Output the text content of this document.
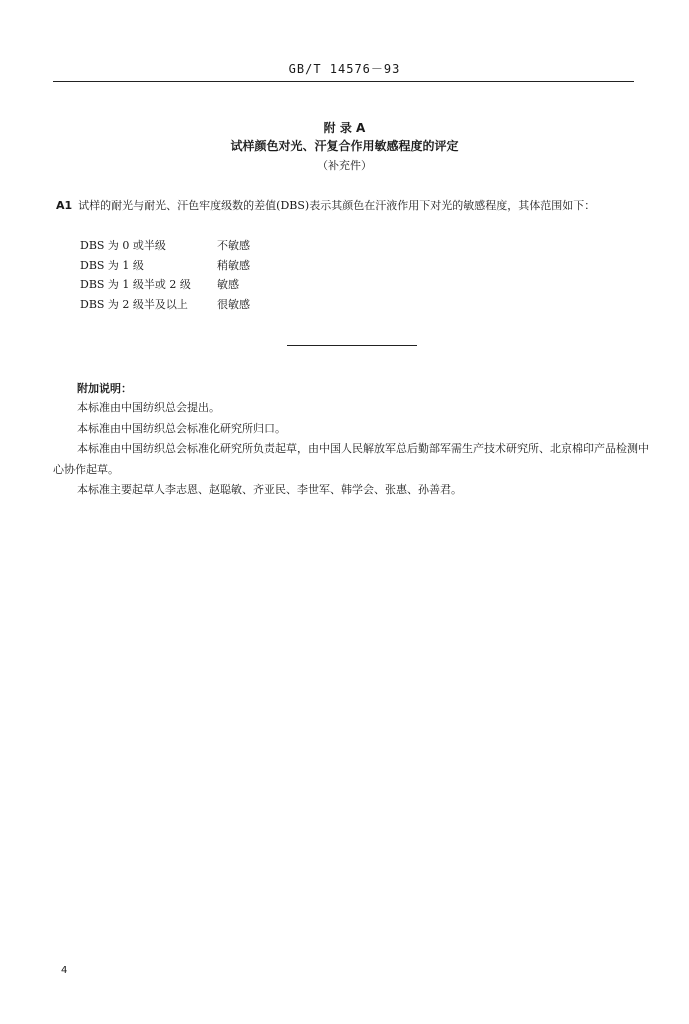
GB/T 14576－93
附 录 A
试样颜色对光、汗复合作用敏感程度的评定
（补充件）
A1 试样的耐光与耐光、汗色牢度级数的差值(DBS)表示其颜色在汗液作用下对光的敏感程度，其体范围如下：
DBS 为 0 或半级	不敏感
DBS 为 1 级	稍敏感
DBS 为 1 级半或 2 级	敏感
DBS 为 2 级半及以上	很敏感
附加说明：

本标准由中国纺织总会提出。

本标准由中国纺织总会标准化研究所归口。

本标准由中国纺织总会标准化研究所负责起草，由中国人民解放军总后勤部军需生产技术研究所、北京棉印产品检测中心协作起草。

本标准主要起草人李志恩、赵聪敏、齐亚民、李世军、韩学会、张惠、孙善君。

4
